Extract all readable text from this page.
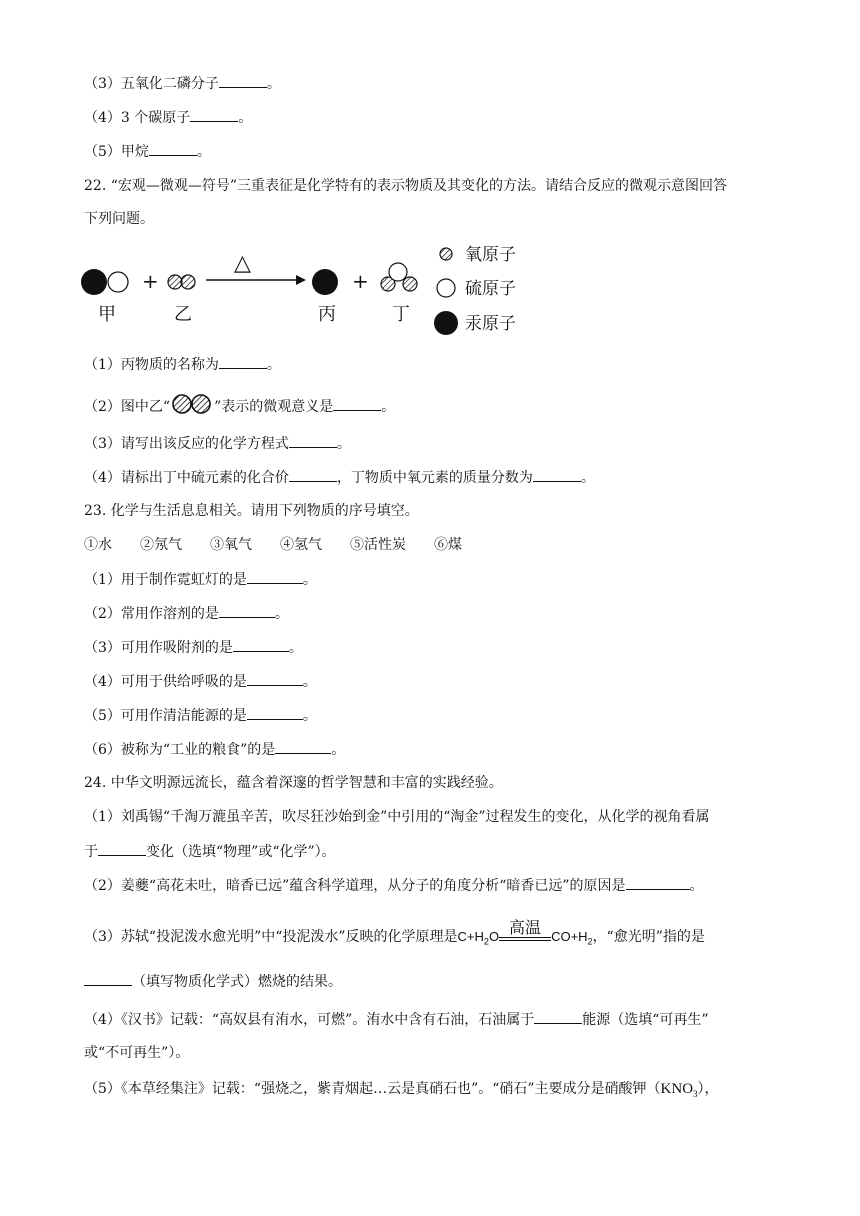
（3）五氧化二磷分子	。
（4）3 个碳原子	。
（5）甲烷	。
22. “宏观—微观—符号”三重表征是化学特有的表示物质及其变化的方法。请结合反应的微观示意图回答
下列问题。
+
△
+
甲	乙	丙	丁
氧原子
硫原子
汞原子
（1）丙物质的名称为	。
（2）图中乙“	”表示的微观意义是	。
（3）请写出该反应的化学方程式	。
（4）请标出丁中硫元素的化合价	，丁物质中氧元素的质量分数为	。
23. 化学与生活息息相关。请用下列物质的序号填空。
①水 ②氖气 ③氧气 ④氢气 ⑤活性炭 ⑥煤
（1）用于制作霓虹灯的是	。
（2）常用作溶剂的是	。
（3）可用作吸附剂的是	。
（4）可用于供给呼吸的是	。
（5）可用作清洁能源的是	。
（6）被称为“工业的粮食”的是	。
24. 中华文明源远流长，蕴含着深邃的哲学智慧和丰富的实践经验。
（1）刘禹锡“千淘万漉虽辛苦，吹尽狂沙始到金”中引用的“淘金”过程发生的变化，从化学的视角看属
于	变化（选填“物理”或“化学”）。
（2）姜夔“高花未吐，暗香已远”蕴含科学道理，从分子的角度分析“暗香已远”的原因是	。
（3）苏轼“投泥泼水愈光明”中“投泥泼水”反映的化学原理是$C+H_2O$ 高温 $CO+H_2$，“愈光明”指的是
（填写物质化学式）燃烧的结果。
（4）《汉书》记载：“高奴县有洧水，可燃”。洧水中含有石油，石油属于	能源（选填“可再生”
或“不可再生”）。
（5）《本草经集注》记载：“强烧之，紫青烟起…云是真硝石也”。“硝石”主要成分是硝酸钾$(KNO_3)$，
